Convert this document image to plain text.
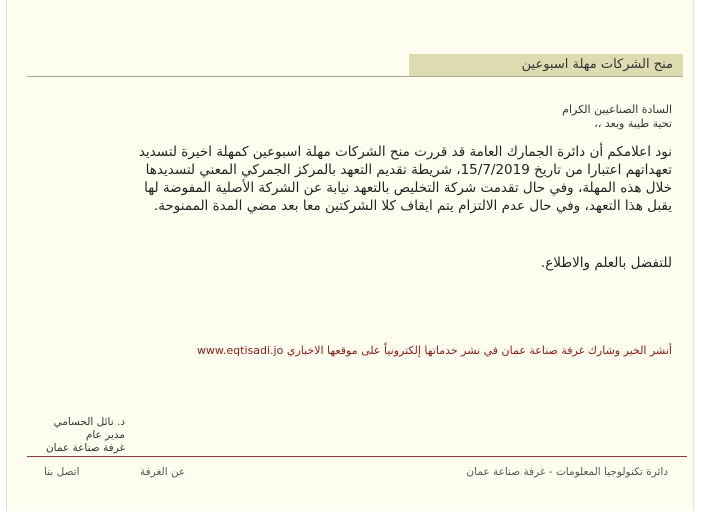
منح الشركات مهلة اسبوعين
السادة الصناعيين الكرام
تحية طيبة وبعد ،،
نود اعلامكم أن دائرة الجمارك العامة قد قررت منح الشركات مهلة اسبوعين كمهلة اخيرة لتسديد تعهداتهم اعتبارا من تاريخ 15/7/2019، شريطة تقديم التعهد بالمركز الجمركي المعني لتسديدها خلال هذه المهلة، وفي حال تقدمت شركة التخليص بالتعهد نيابة عن الشركة الأصلية المفوضة لها يقبل هذا التعهد، وفي حال عدم الالتزام يتم ايقاف كلا الشركتين معا بعد مضي المدة الممنوحة.
للتفضل بالعلم والاطلاع.
أنشر الخير وشارك غرفة صناعة عمان في نشر خدماتها إلكترونياً على موقعها الاخباري www.eqtisadi.jo
د. نائل الحسامي
مدير عام
غرفة صناعة عمان
اتصل بنا	عن الغرفة	دائرة تكنولوجيا المعلومات - غرفة صناعة عمان
